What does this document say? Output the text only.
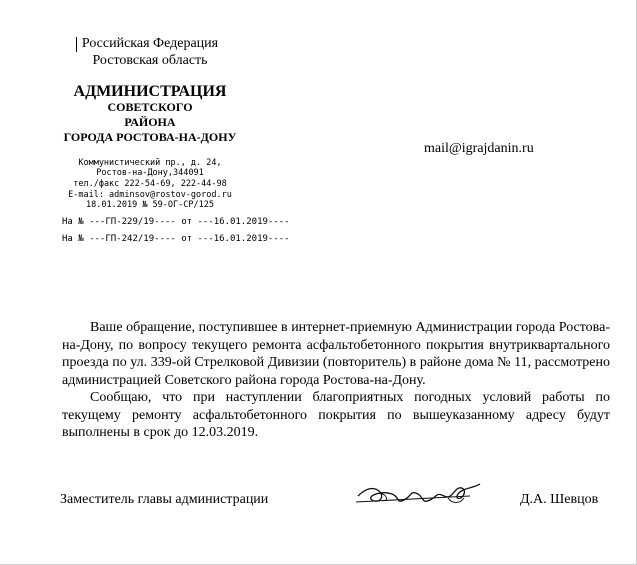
Российская Федерация
Ростовская область
АДМИНИСТРАЦИЯ
СОВЕТСКОГО
РАЙОНА
ГОРОДА РОСТОВА-НА-ДОНУ
Коммунистический пр., д. 24,
Ростов-на-Дону,344091
тел./факс 222-54-69, 222-44-98
E-mail: adminsov@rostov-gorod.ru
18.01.2019 № 59-ОГ-СР/125
На № ---ГП-229/19---- от ---16.01.2019----
На № ---ГП-242/19---- от ---16.01.2019----
mail@igrajdanin.ru

Ваше обращение, поступившее в интернет-приемную Администрации города Ростова-на-Дону, по вопросу текущего ремонта асфальтобетонного покрытия внутриквартального проезда по ул. 339-ой Стрелковой Дивизии (повторитель) в районе дома № 11, рассмотрено администрацией Советского района города Ростова-на-Дону.

Сообщаю, что при наступлении благоприятных погодных условий работы по текущему ремонту асфальтобетонного покрытия по вышеуказанному адресу будут выполнены в срок до 12.03.2019.

Заместитель главы администрации	Д.А. Шевцов
